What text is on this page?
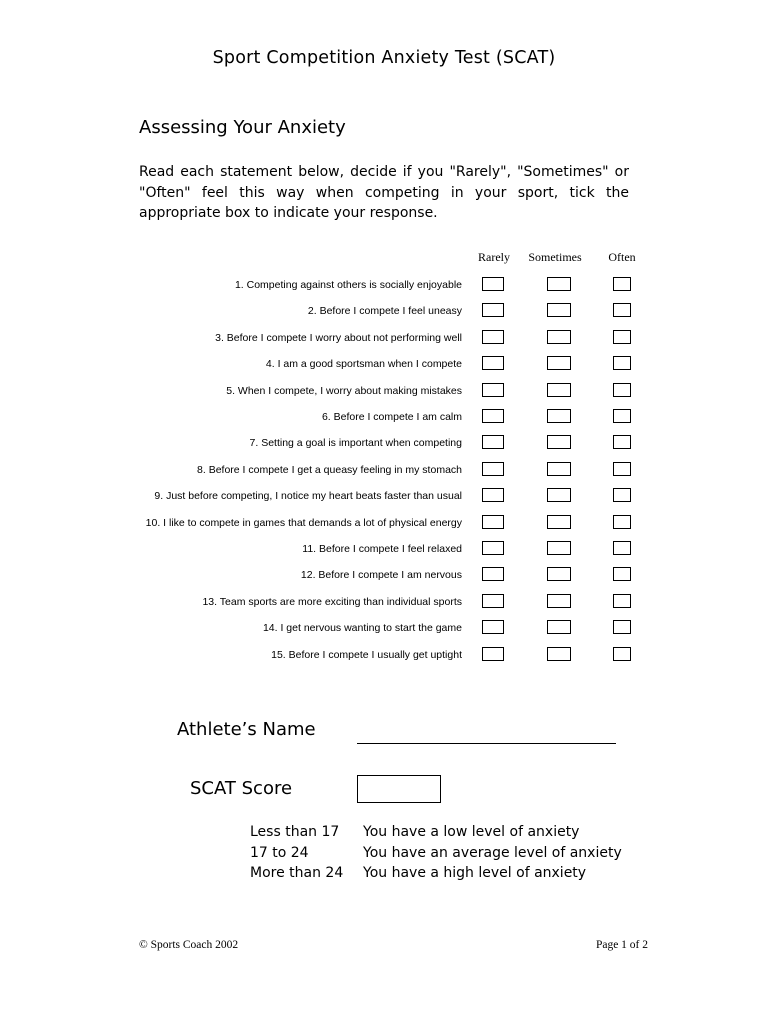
Sport Competition Anxiety Test (SCAT)
Assessing Your Anxiety
Read each statement below, decide if you "Rarely", "Sometimes" or "Often" feel this way when competing in your sport, tick the appropriate box to indicate your response.
Rarely	Sometimes	Often
1. Competing against others is socially enjoyable
2. Before I compete I feel uneasy
3. Before I compete I worry about not performing well
4. I am a good sportsman when I compete
5. When I compete, I worry about making mistakes
6. Before I compete I am calm
7. Setting a goal is important when competing
8. Before I compete I get a queasy feeling in my stomach
9. Just before competing, I notice my heart beats faster than usual
10. I like to compete in games that demands a lot of physical energy
11. Before I compete I feel relaxed
12. Before I compete I am nervous
13. Team sports are more exciting than individual sports
14. I get nervous wanting to start the game
15. Before I compete I usually get uptight
Athlete’s Name
SCAT Score
Less than 17 You have a low level of anxiety
17 to 24	You have an average level of anxiety
More than 24 You have a high level of anxiety
© Sports Coach 2002	Page 1 of 2
